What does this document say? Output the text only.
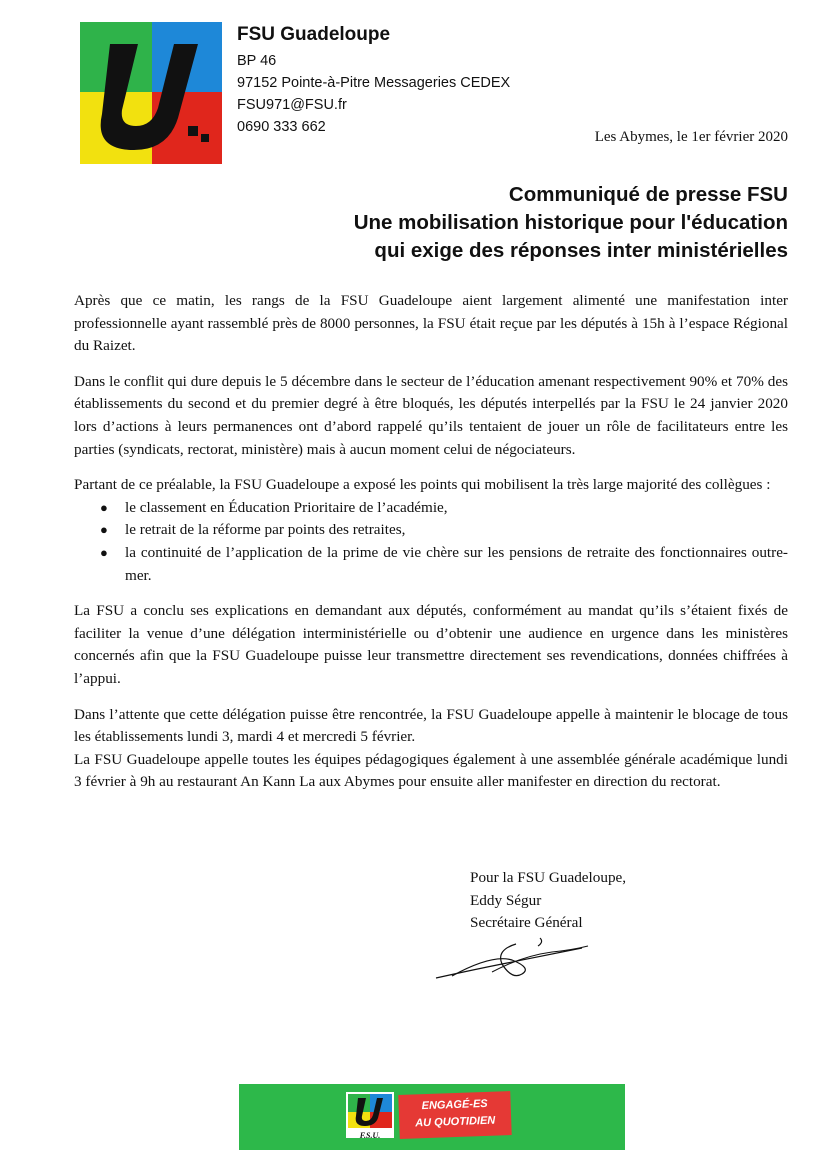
FSU Guadeloupe
BP 46
97152 Pointe-à-Pitre Messageries CEDEX
FSU971@FSU.fr
0690 333 662
Les Abymes, le 1er février 2020
Communiqué de presse FSU
Une mobilisation historique pour l'éducation
qui exige des réponses inter ministérielles

Après que ce matin, les rangs de la FSU Guadeloupe aient largement alimenté une manifestation inter professionnelle ayant rassemblé près de 8000 personnes, la FSU était reçue par les députés à 15h à l’espace Régional du Raizet.

Dans le conflit qui dure depuis le 5 décembre dans le secteur de l’éducation amenant respectivement 90% et 70% des établissements du second et du premier degré à être bloqués, les députés interpellés par la FSU le 24 janvier 2020 lors d’actions à leurs permanences ont d’abord rappelé qu’ils tentaient de jouer un rôle de facilitateurs entre les parties (syndicats, rectorat, ministère) mais à aucun moment celui de négociateurs.

Partant de ce préalable, la FSU Guadeloupe a exposé les points qui mobilisent la très large majorité des collègues :

● le classement en Éducation Prioritaire de l’académie,
● le retrait de la réforme par points des retraites,
● la continuité de l’application de la prime de vie chère sur les pensions de retraite des fonctionnaires outre-mer.

La FSU a conclu ses explications en demandant aux députés, conformément au mandat qu’ils s’étaient fixés de faciliter la venue d’une délégation interministérielle ou d’obtenir une audience en urgence dans les ministères concernés afin que la FSU Guadeloupe puisse leur transmettre directement ses revendications, données chiffrées à l’appui.

Dans l’attente que cette délégation puisse être rencontrée, la FSU Guadeloupe appelle à maintenir le blocage de tous les établissements lundi 3, mardi 4 et mercredi 5 février.

La FSU Guadeloupe appelle toutes les équipes pédagogiques également à une assemblée générale académique lundi 3 février à 9h au restaurant An Kann La aux Abymes pour ensuite aller manifester en direction du rectorat.

Pour la FSU Guadeloupe,
Eddy Ségur
Secrétaire Général
F.S.U.
ENGAGÉ-ES
AU QUOTIDIEN
